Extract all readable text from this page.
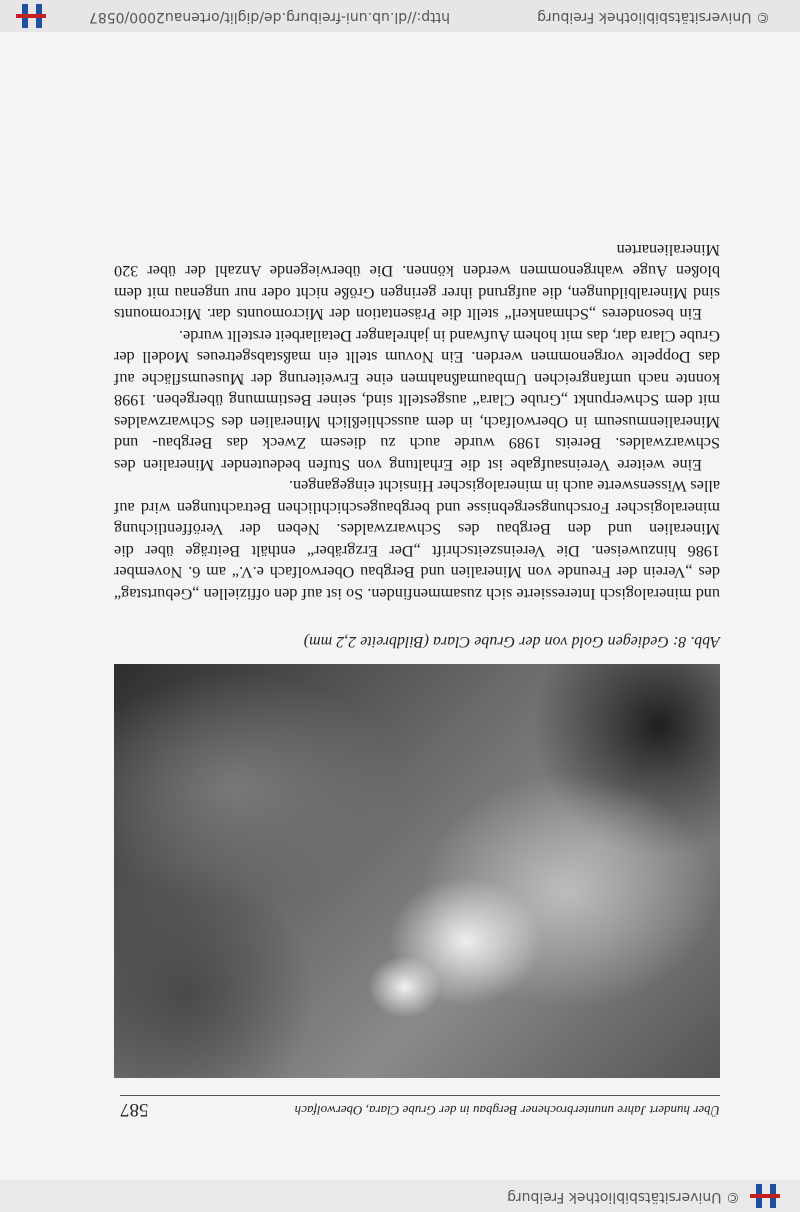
© Universitätsbibliothek Freiburg
© Universitätsbibliothek Freiburg
http://dl.ub.uni-freiburg.de/diglit/ortenau2000/0587
Über hundert Jahre ununterbrochener Bergbau in der Grube Clara, Oberwolfach
587
Abb. 8: Gediegen Gold von der Grube Clara (Bildbreite 2,2 mm)

und mineralogisch Interessierte sich zusammenfinden. So ist auf den offiziellen „Geburtstag“ des „Verein der Freunde von Mineralien und Bergbau Oberwolfach e.V.“ am 6. November 1986 hinzuweisen. Die Vereinszeitschrift „Der Erzgräber“ enthält Beiträge über die Mineralien und den Bergbau des Schwarzwaldes. Neben der Veröffentlichung mineralogischer Forschungsergebnisse und bergbaugeschichtlichen Betrachtungen wird auf alles Wissenswerte auch in mineralogischer Hinsicht eingegangen.

Eine weitere Vereinsaufgabe ist die Erhaltung von Stufen bedeutender Mineralien des Schwarzwaldes. Bereits 1989 wurde auch zu diesem Zweck das Bergbau- und Mineralienmuseum in Oberwolfach, in dem ausschließlich Mineralien des Schwarzwaldes mit dem Schwerpunkt „Grube Clara“ ausgestellt sind, seiner Bestimmung übergeben. 1998 konnte nach umfangreichen Umbaumaßnahmen eine Erweiterung der Museumsfläche auf das Doppelte vorgenommen werden. Ein Novum stellt ein maßstabsgetreues Modell der Grube Clara dar, das mit hohem Aufwand in jahrelanger Detailarbeit erstellt wurde.

Ein besonderes „Schmankerl“ stellt die Präsentation der Micromounts dar. Micromounts sind Mineralbildungen, die aufgrund ihrer geringen Größe nicht oder nur ungenau mit dem bloßen Auge wahrgenommen werden können. Die überwiegende Anzahl der über 320 Mineralienarten
